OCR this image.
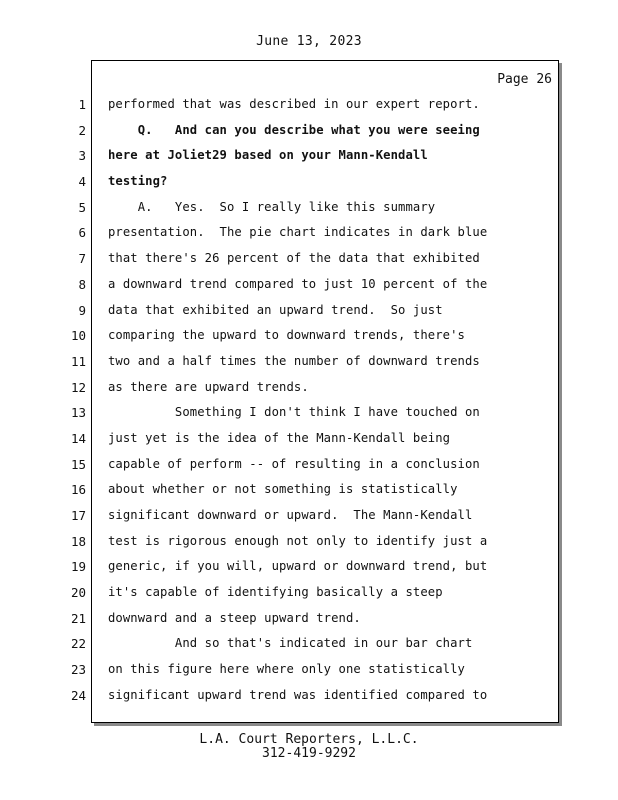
June 13, 2023
Page 26
1
2
3
4
5
6
7
8
9
10
11
12
13
14
15
16
17
18
19
20
21
22
23
24
performed that was described in our expert report.
Q.   And can you describe what you were seeing
here at Joliet29 based on your Mann-Kendall
testing?
A.   Yes.  So I really like this summary
presentation.  The pie chart indicates in dark blue
that there's 26 percent of the data that exhibited
a downward trend compared to just 10 percent of the
data that exhibited an upward trend.  So just
comparing the upward to downward trends, there's
two and a half times the number of downward trends
as there are upward trends.
Something I don't think I have touched on
just yet is the idea of the Mann-Kendall being
capable of perform -- of resulting in a conclusion
about whether or not something is statistically
significant downward or upward.  The Mann-Kendall
test is rigorous enough not only to identify just a
generic, if you will, upward or downward trend, but
it's capable of identifying basically a steep
downward and a steep upward trend.
And so that's indicated in our bar chart
on this figure here where only one statistically
significant upward trend was identified compared to
L.A. Court Reporters, L.L.C.
312-419-9292
